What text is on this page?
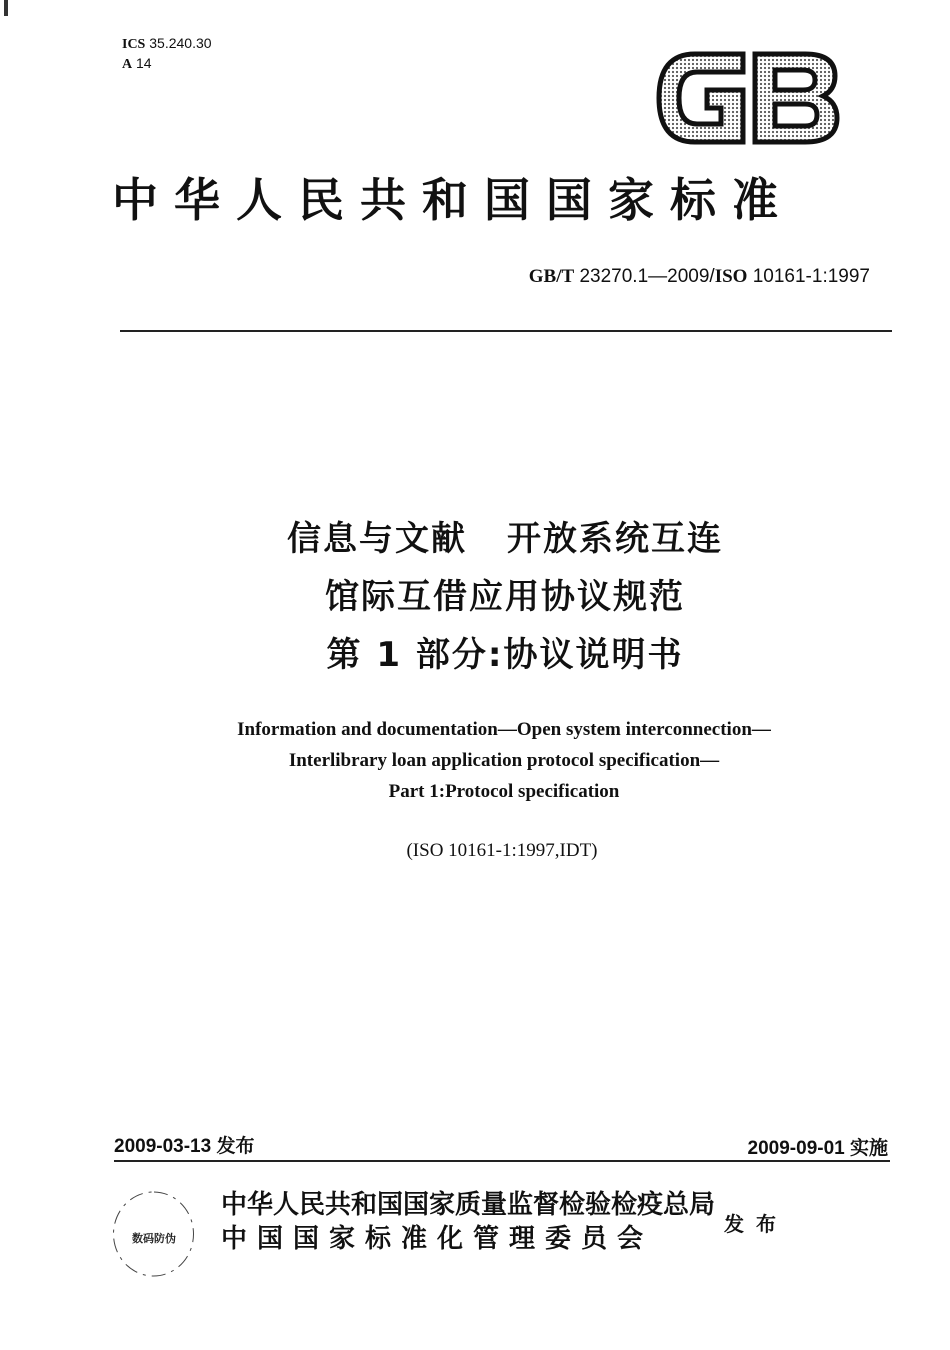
ICS 35.240.30
A 14
中华人民共和国国家标准
GB/T 23270.1—2009/ISO 10161-1:1997
信息与文献 开放系统互连
馆际互借应用协议规范
第 1 部分:协议说明书
Information and documentation—Open system interconnection—
Interlibrary loan application protocol specification—
Part 1:Protocol specification
(ISO 10161-1:1997,IDT)
2009-03-13 发布	2009-09-01 实施
数码防伪
中华人民共和国国家质量监督检验检疫总局
中国国家标准化管理委员会	发布
